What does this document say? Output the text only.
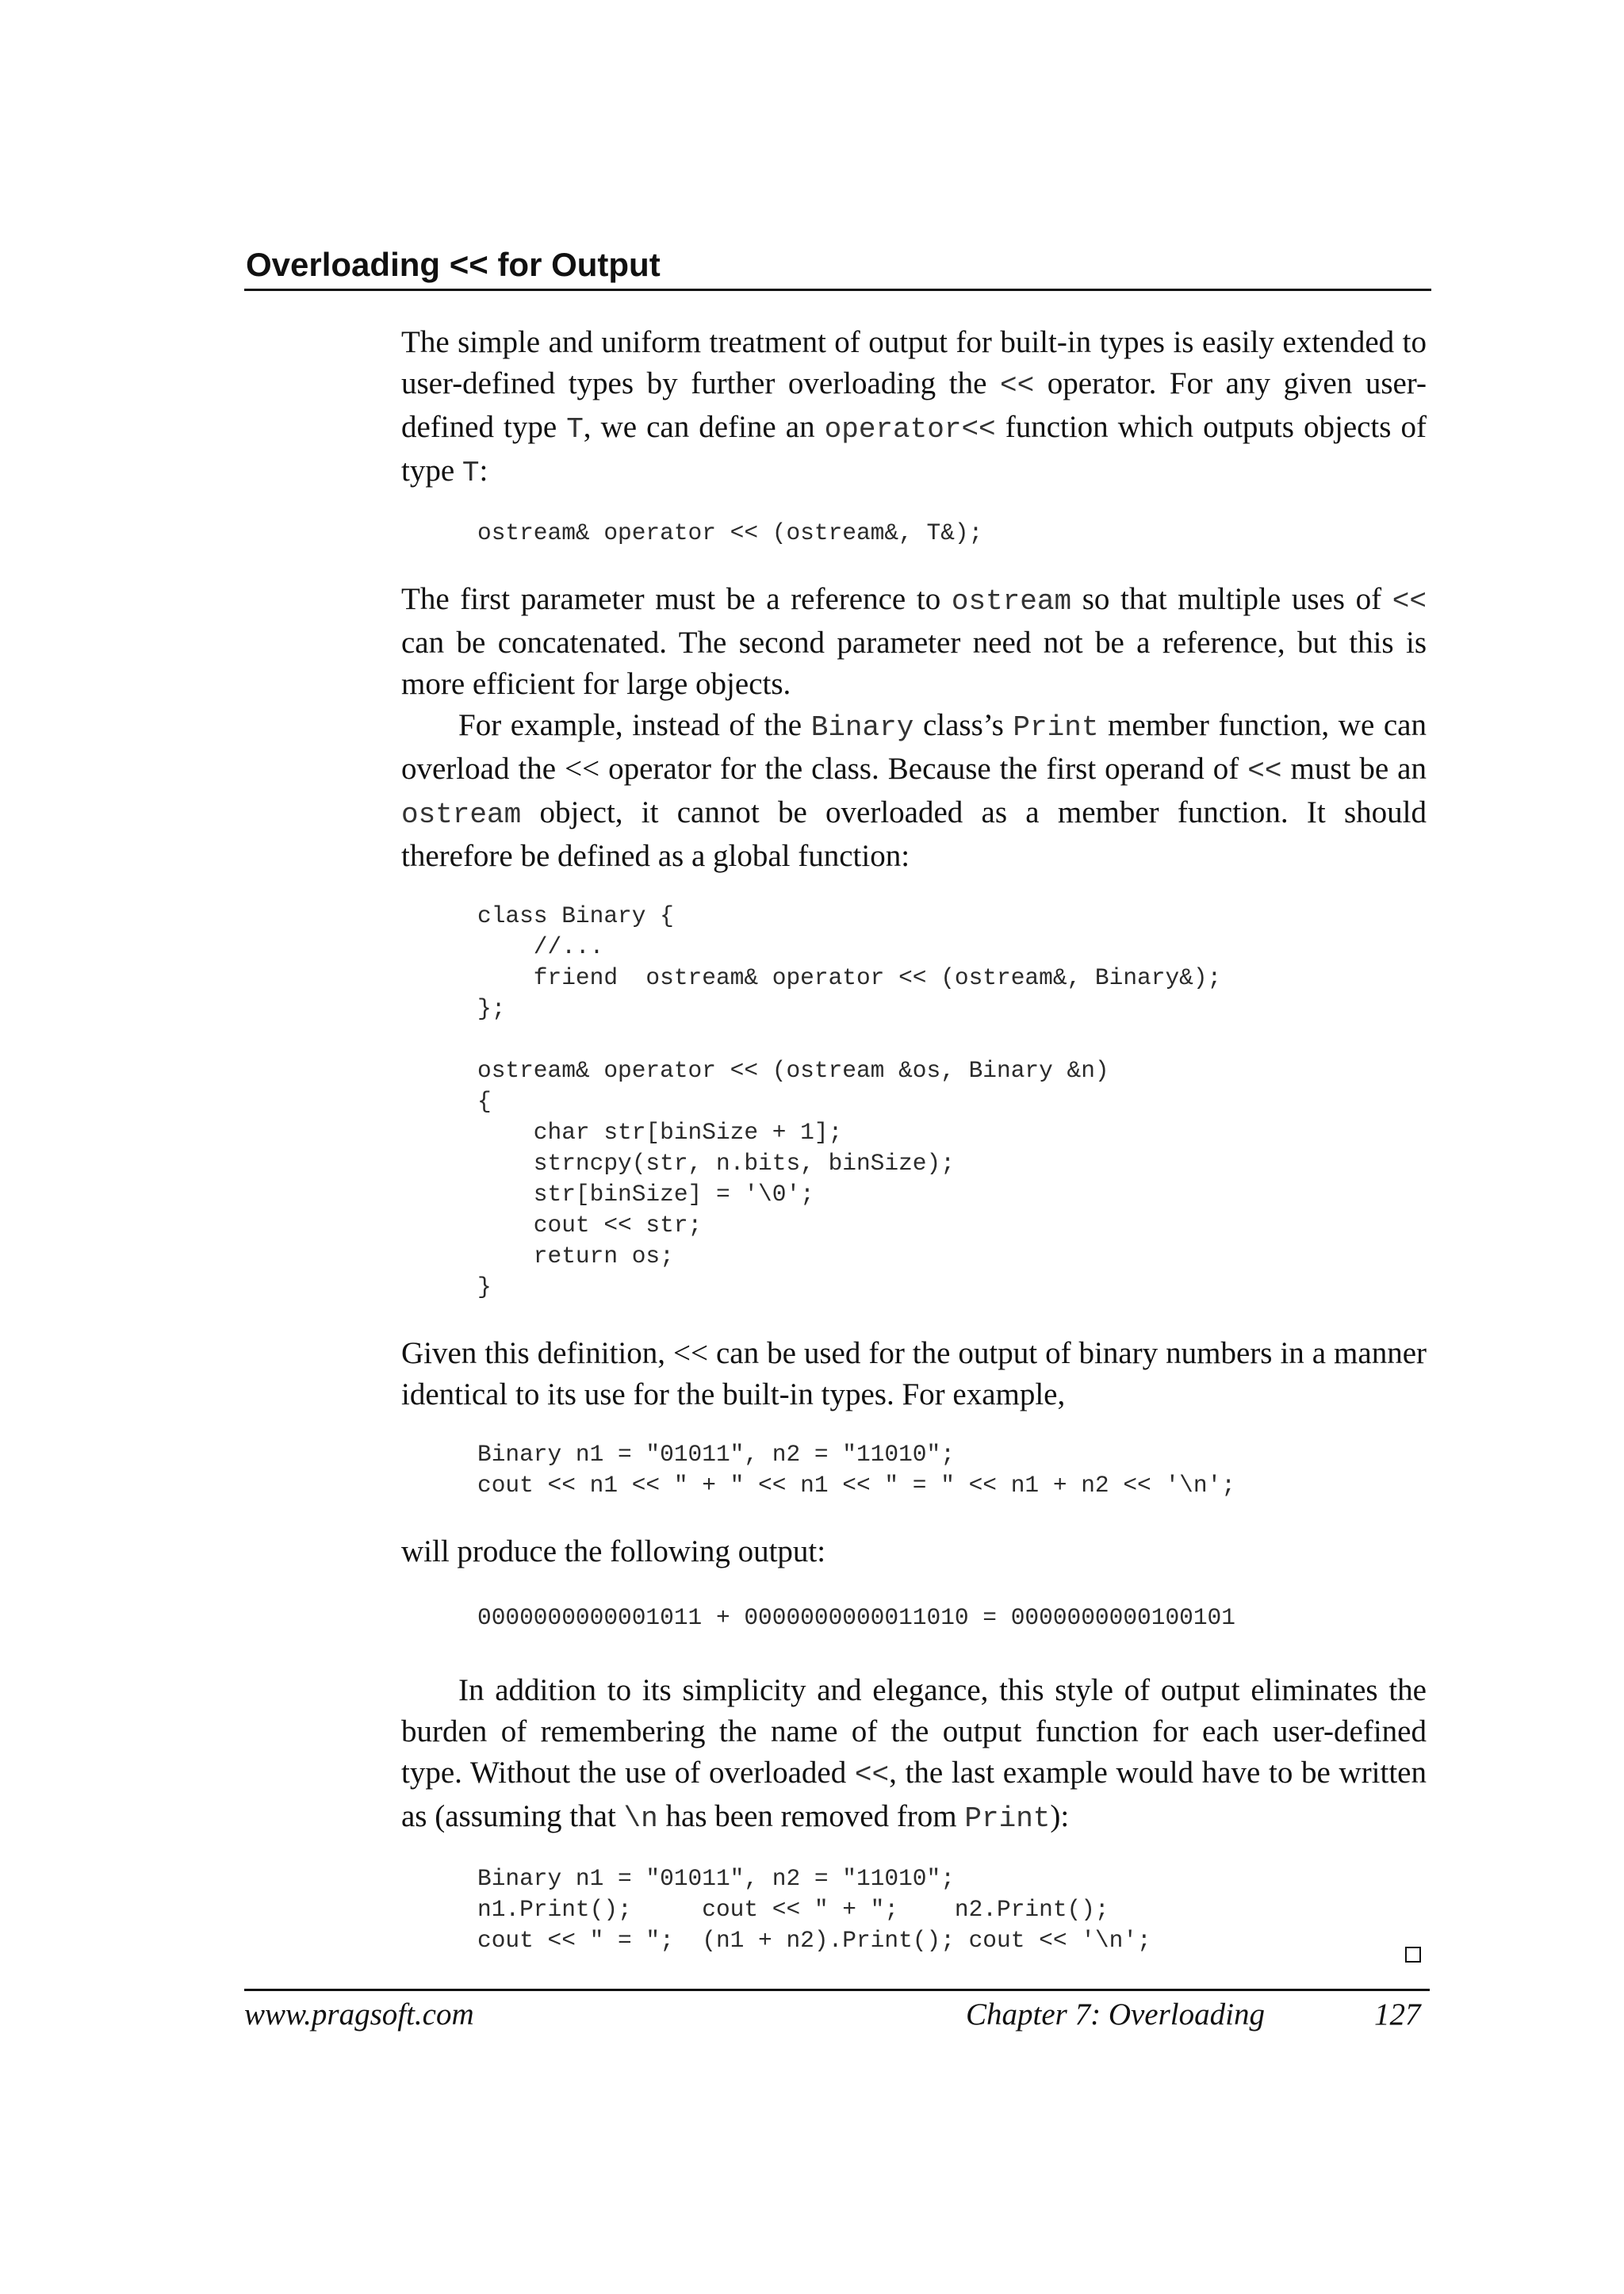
Overloading << for Output

The simple and uniform treatment of output for built-in types is easily extended to user-defined types by further overloading the << operator. For any given user-defined type T, we can define an operator<< function which outputs objects of type T:

ostream& operator << (ostream&, T&);

The first parameter must be a reference to ostream so that multiple uses of << can be concatenated. The second parameter need not be a reference, but this is more efficient for large objects.

For example, instead of the Binary class’s Print member function, we can overload the << operator for the class. Because the first operand of << must be an ostream object, it cannot be overloaded as a member function. It should therefore be defined as a global function:

class Binary {
//...
friend  ostream& operator << (ostream&, Binary&);
};
ostream& operator << (ostream &os, Binary &n)
{
char str[binSize + 1];
strncpy(str, n.bits, binSize);
str[binSize] = '\0';
cout << str;
return os;
}

Given this definition, << can be used for the output of binary numbers in a manner identical to its use for the built-in types. For example,

Binary n1 = "01011", n2 = "11010";
cout << n1 << " + " << n1 << " = " << n1 + n2 << '\n';

will produce the following output:

0000000000001011 + 0000000000011010 = 0000000000100101

In addition to its simplicity and elegance, this style of output eliminates the burden of remembering the name of the output function for each user-defined type. Without the use of overloaded <<, the last example would have to be written as (assuming that \n has been removed from Print):

Binary n1 = "01011", n2 = "11010";
n1.Print();     cout << " + ";    n2.Print();
cout << " = ";  (n1 + n2).Print(); cout << '\n';
www.pragsoft.com	Chapter 7: Overloading	127
